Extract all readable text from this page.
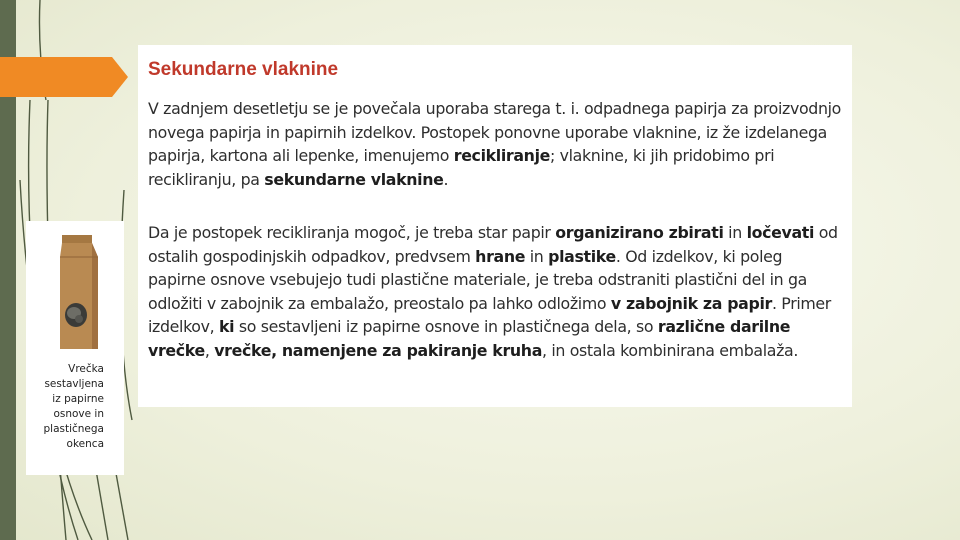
Sekundarne vlaknine
V zadnjem desetletju se je povečala uporaba starega t. i. odpadnega papirja za proizvodnjo novega papirja in papirnih izdelkov. Postopek ponovne uporabe vlaknine, iz že izdelanega papirja, kartona ali lepenke, imenujemo recikliranje; vlaknine, ki jih pridobimo pri recikliranju, pa sekundarne vlaknine.
Da je postopek recikliranja mogoč, je treba star papir organizirano zbirati in ločevati od ostalih gospodinjskih odpadkov, predvsem hrane in plastike. Od izdelkov, ki poleg papirne osnove vsebujejo tudi plastične materiale, je treba odstraniti plastični del in ga odložiti v zabojnik za embalažo, preostalo pa lahko odložimo v zabojnik za papir. Primer izdelkov, ki so sestavljeni iz papirne osnove in plastičnega dela, so različne darilne vrečke, vrečke, namenjene za pakiranje kruha, in ostala kombinirana embalaža.
Vrečka
sestavljena
iz papirne
osnove in
plastičnega
okenca
